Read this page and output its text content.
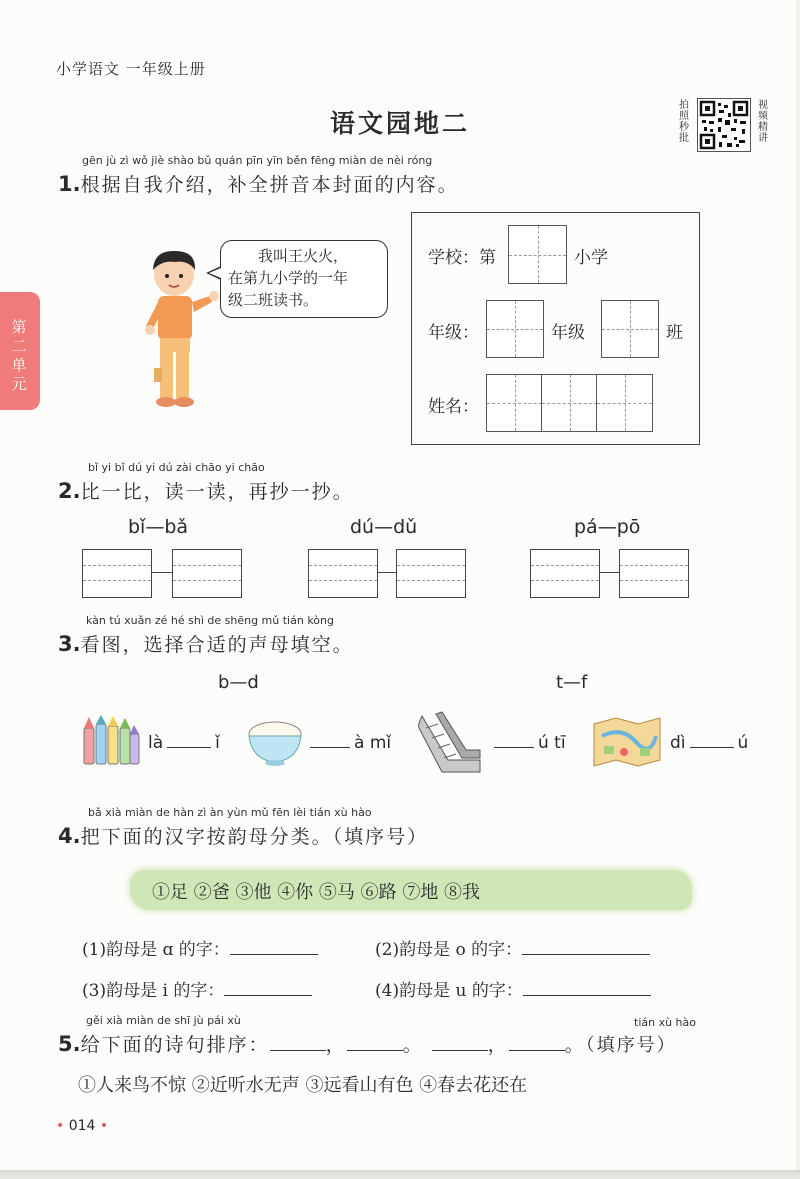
小学语文 一年级上册
语文园地二
拍照秒批
视频精讲
第二单元
gēn jù zì wǒ jiè shào bǔ quán pīn yīn běn fēng miàn de nèi róng
1.根据自我介绍，补全拼音本封面的内容。
我叫王火火，
在第九小学的一年
级二班读书。
学校：第	小学
年级：	年级	班
姓名：
bǐ yi bǐ dú yi dú zài chāo yi chāo
2.比一比，读一读，再抄一抄。
bǐ—bǎ	dú—dǔ	pá—pō
kàn tú xuǎn zé hé shì de shēng mǔ tián kòng
3.看图，选择合适的声母填空。
b—d	t—f
là	ǐ	à mǐ	ú tī	dì	ú
bǎ xià miàn de hàn zì àn yùn mǔ fēn lèi tián xù hào
4.把下面的汉字按韵母分类。（填序号）
①足 ②爸 ③他 ④你 ⑤马 ⑥路 ⑦地 ⑧我
(1)韵母是 ɑ 的字：	(2)韵母是 o 的字：
(3)韵母是 i 的字：	(4)韵母是 u 的字：
gěi xià miàn de shī jù pái xù	tián xù hào
5.给下面的诗句排序：	，	。	，	。（填序号）
①人来鸟不惊 ②近听水无声 ③远看山有色 ④春去花还在
• 014 •
